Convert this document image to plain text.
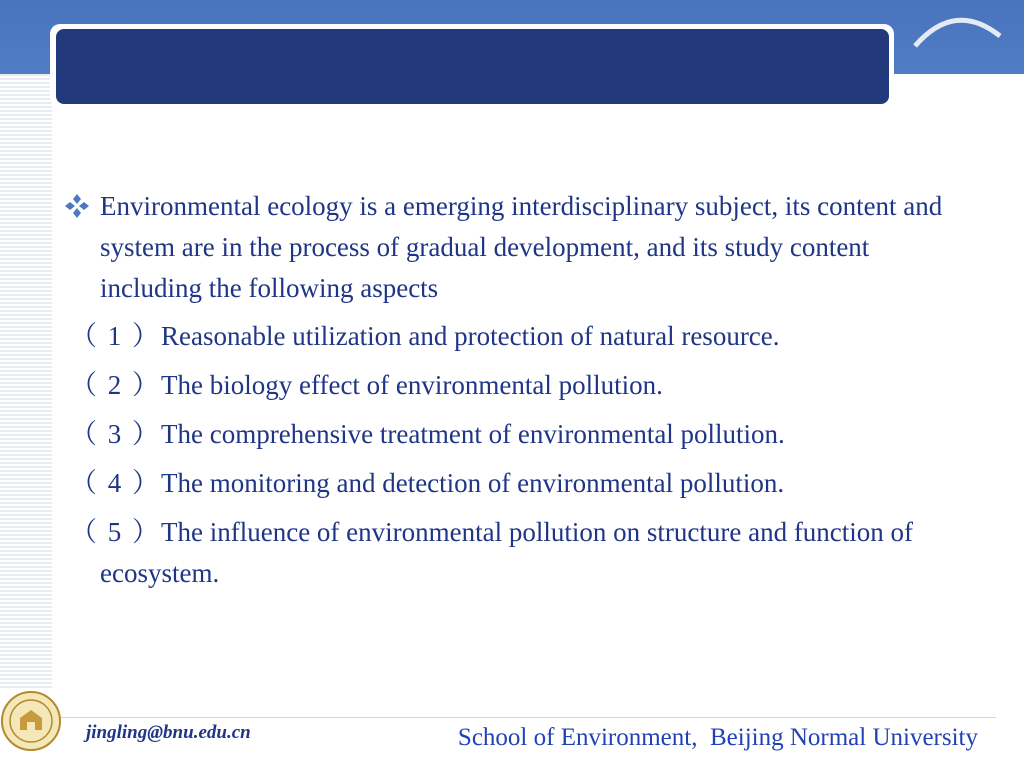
Environmental ecology is a emerging interdisciplinary subject, its content and system are in the process of gradual development, and its study content including the following aspects

（ 1 ）Reasonable utilization and protection of natural resource.

（ 2 ）The biology effect of environmental pollution.

（ 3 ）The comprehensive treatment of environmental pollution.

（ 4 ）The monitoring and detection of environmental pollution.

（ 5 ）The influence of environmental pollution on structure and function of ecosystem.

jingling@bnu.edu.cn	School of Environment,  Beijing Normal University
